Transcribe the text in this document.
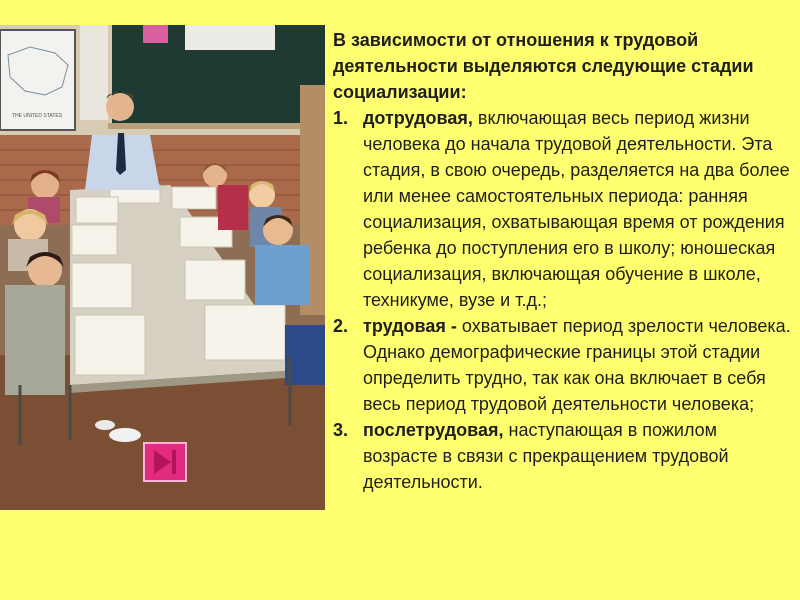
THE UNITED STATES

В зависимости от отношения к трудовой деятельности выделяются следующие стадии социализации:

1. дотрудовая, включающая весь период жизни человека до начала трудовой деятельности. Эта стадия, в свою очередь, разделяется на два более или менее самостоятельных периода: ранняя социализация, охватывающая время от рождения ребенка до поступления его в школу; юношеская социализация, включающая обучение в школе, техникуме, вузе и т.д.;
2. трудовая - охватывает период зрелости человека. Однако демографические границы этой стадии определить трудно, так как она включает в себя весь период трудовой деятельности человека;
3. послетрудовая, наступающая в пожилом возрасте в связи с прекращением трудовой деятельности.
